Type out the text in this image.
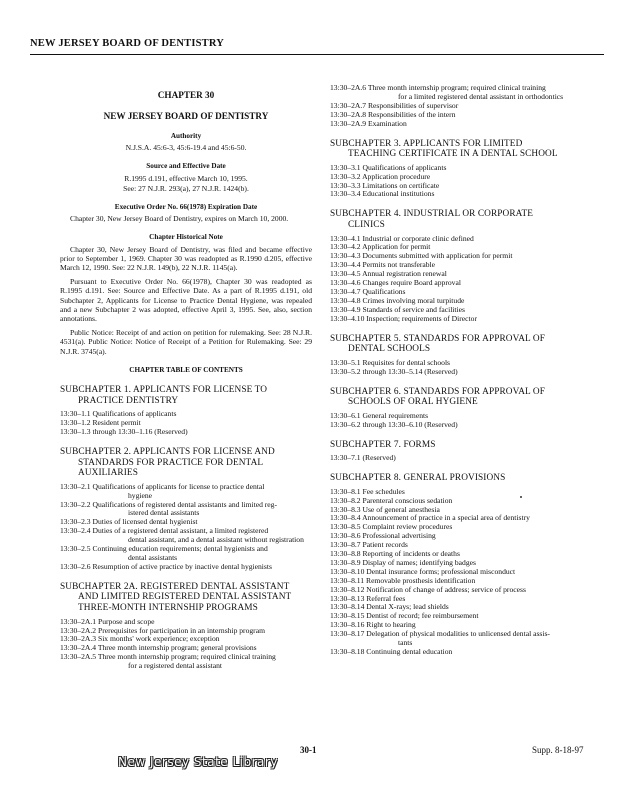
NEW JERSEY BOARD OF DENTISTRY
CHAPTER 30
NEW JERSEY BOARD OF DENTISTRY
Authority
N.J.S.A. 45:6-3, 45:6-19.4 and 45:6-50.
Source and Effective Date
R.1995 d.191, effective March 10, 1995.
See: 27 N.J.R. 293(a), 27 N.J.R. 1424(b).
Executive Order No. 66(1978) Expiration Date
Chapter 30, New Jersey Board of Dentistry, expires on March 10, 2000.
Chapter Historical Note
Chapter 30, New Jersey Board of Dentistry, was filed and became effective prior to September 1, 1969. Chapter 30 was readopted as R.1990 d.205, effective March 12, 1990. See: 22 N.J.R. 149(b), 22 N.J.R. 1145(a).
Pursuant to Executive Order No. 66(1978), Chapter 30 was readopted as R.1995 d.191. See: Source and Effective Date. As a part of R.1995 d.191, old Subchapter 2, Applicants for License to Practice Dental Hygiene, was repealed and a new Subchapter 2 was adopted, effective April 3, 1995. See, also, section annotations.
Public Notice: Receipt of and action on petition for rulemaking. See: 28 N.J.R. 4531(a). Public Notice: Notice of Receipt of a Petition for Rulemaking. See: 29 N.J.R. 3745(a).
CHAPTER TABLE OF CONTENTS
SUBCHAPTER 1. APPLICANTS FOR LICENSE TO
PRACTICE DENTISTRY
13:30–1.1 Qualifications of applicants
13:30–1.2 Resident permit
13:30–1.3 through 13:30–1.16 (Reserved)
SUBCHAPTER 2. APPLICANTS FOR LICENSE AND
STANDARDS FOR PRACTICE FOR DENTAL AUXILIARIES
13:30–2.1 Qualifications of applicants for license to practice dental
hygiene
13:30–2.2 Qualifications of registered dental assistants and limited reg-
istered dental assistants
13:30–2.3 Duties of licensed dental hygienist
13:30–2.4 Duties of a registered dental assistant, a limited registered
dental assistant, and a dental assistant without registration
13:30–2.5 Continuing education requirements; dental hygienists and
dental assistants
13:30–2.6 Resumption of active practice by inactive dental hygienists
SUBCHAPTER 2A. REGISTERED DENTAL ASSISTANT
AND LIMITED REGISTERED DENTAL ASSISTANT THREE-MONTH INTERNSHIP PROGRAMS
13:30–2A.1 Purpose and scope
13:30–2A.2 Prerequisites for participation in an internship program
13:30–2A.3 Six months' work experience; exception
13:30–2A.4 Three month internship program; general provisions
13:30–2A.5 Three month internship program; required clinical training
for a registered dental assistant
13:30–2A.6 Three month internship program; required clinical training
for a limited registered dental assistant in orthodontics
13:30–2A.7 Responsibilities of supervisor
13:30–2A.8 Responsibilities of the intern
13:30–2A.9 Examination
SUBCHAPTER 3. APPLICANTS FOR LIMITED
TEACHING CERTIFICATE IN A DENTAL SCHOOL
13:30–3.1 Qualifications of applicants
13:30–3.2 Application procedure
13:30–3.3 Limitations on certificate
13:30–3.4 Educational institutions
SUBCHAPTER 4. INDUSTRIAL OR CORPORATE
CLINICS
13:30–4.1 Industrial or corporate clinic defined
13:30–4.2 Application for permit
13:30–4.3 Documents submitted with application for permit
13:30–4.4 Permits not transferable
13:30–4.5 Annual registration renewal
13:30–4.6 Changes require Board approval
13:30–4.7 Qualifications
13:30–4.8 Crimes involving moral turpitude
13:30–4.9 Standards of service and facilities
13:30–4.10 Inspection; requirements of Director
SUBCHAPTER 5. STANDARDS FOR APPROVAL OF
DENTAL SCHOOLS
13:30–5.1 Requisites for dental schools
13:30–5.2 through 13:30–5.14 (Reserved)
SUBCHAPTER 6. STANDARDS FOR APPROVAL OF
SCHOOLS OF ORAL HYGIENE
13:30–6.1 General requirements
13:30–6.2 through 13:30–6.10 (Reserved)
SUBCHAPTER 7. FORMS
13:30–7.1 (Reserved)
SUBCHAPTER 8. GENERAL PROVISIONS
13:30–8.1 Fee schedules
13:30–8.2 Parenteral conscious sedation
13:30–8.3 Use of general anesthesia
13:30–8.4 Announcement of practice in a special area of dentistry
13:30–8.5 Complaint review procedures
13:30–8.6 Professional advertising
13:30–8.7 Patient records
13:30–8.8 Reporting of incidents or deaths
13:30–8.9 Display of names; identifying badges
13:30–8.10 Dental insurance forms; professional misconduct
13:30–8.11 Removable prosthesis identification
13:30–8.12 Notification of change of address; service of process
13:30–8.13 Referral fees
13:30–8.14 Dental X-rays; lead shields
13:30–8.15 Dentist of record; fee reimbursement
13:30–8.16 Right to hearing
13:30–8.17 Delegation of physical modalities to unlicensed dental assis-
tants
13:30–8.18 Continuing dental education
30-1	Supp. 8-18-97
New Jersey State Library
